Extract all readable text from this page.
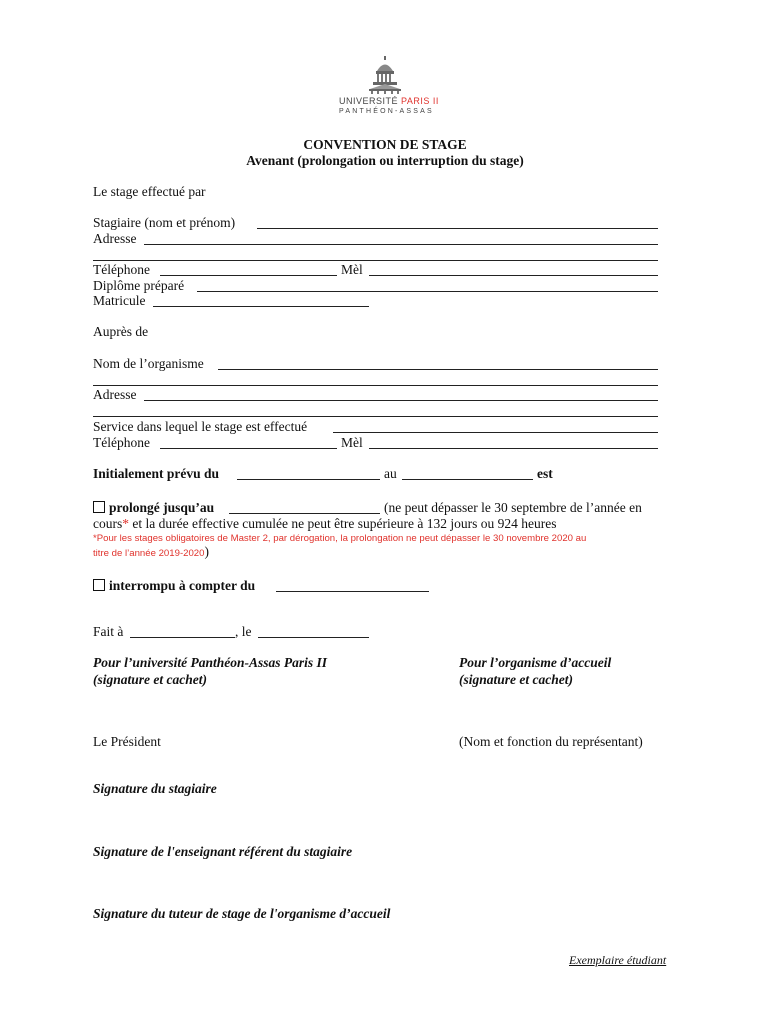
UNIVERSITÉ PARIS II
PANTHÉON-ASSAS
CONVENTION DE STAGE
Avenant (prolongation ou interruption du stage)
Le stage effectué par
Stagiaire (nom et prénom)
Adresse
Téléphone	Mèl
Diplôme préparé
Matricule
Auprès de
Nom de l’organisme
Adresse
Service dans lequel le stage est effectué
Téléphone	Mèl
Initialement prévu du	au	est
prolongé jusqu’au	(ne peut dépasser le 30 septembre de l’année en
cours* et la durée effective cumulée ne peut être supérieure à 132 jours ou 924 heures
*Pour les stages obligatoires de Master 2, par dérogation, la prolongation ne peut dépasser le 30 novembre 2020 au
titre de l’année 2019-2020)
interrompu à compter du
Fait à	, le
Pour l’université Panthéon-Assas Paris II
(signature et cachet)
Pour l’organisme d’accueil
(signature et cachet)
Le Président	(Nom et fonction du représentant)
Signature du stagiaire
Signature de l'enseignant référent du stagiaire
Signature du tuteur de stage de l'organisme d’accueil
Exemplaire étudiant
